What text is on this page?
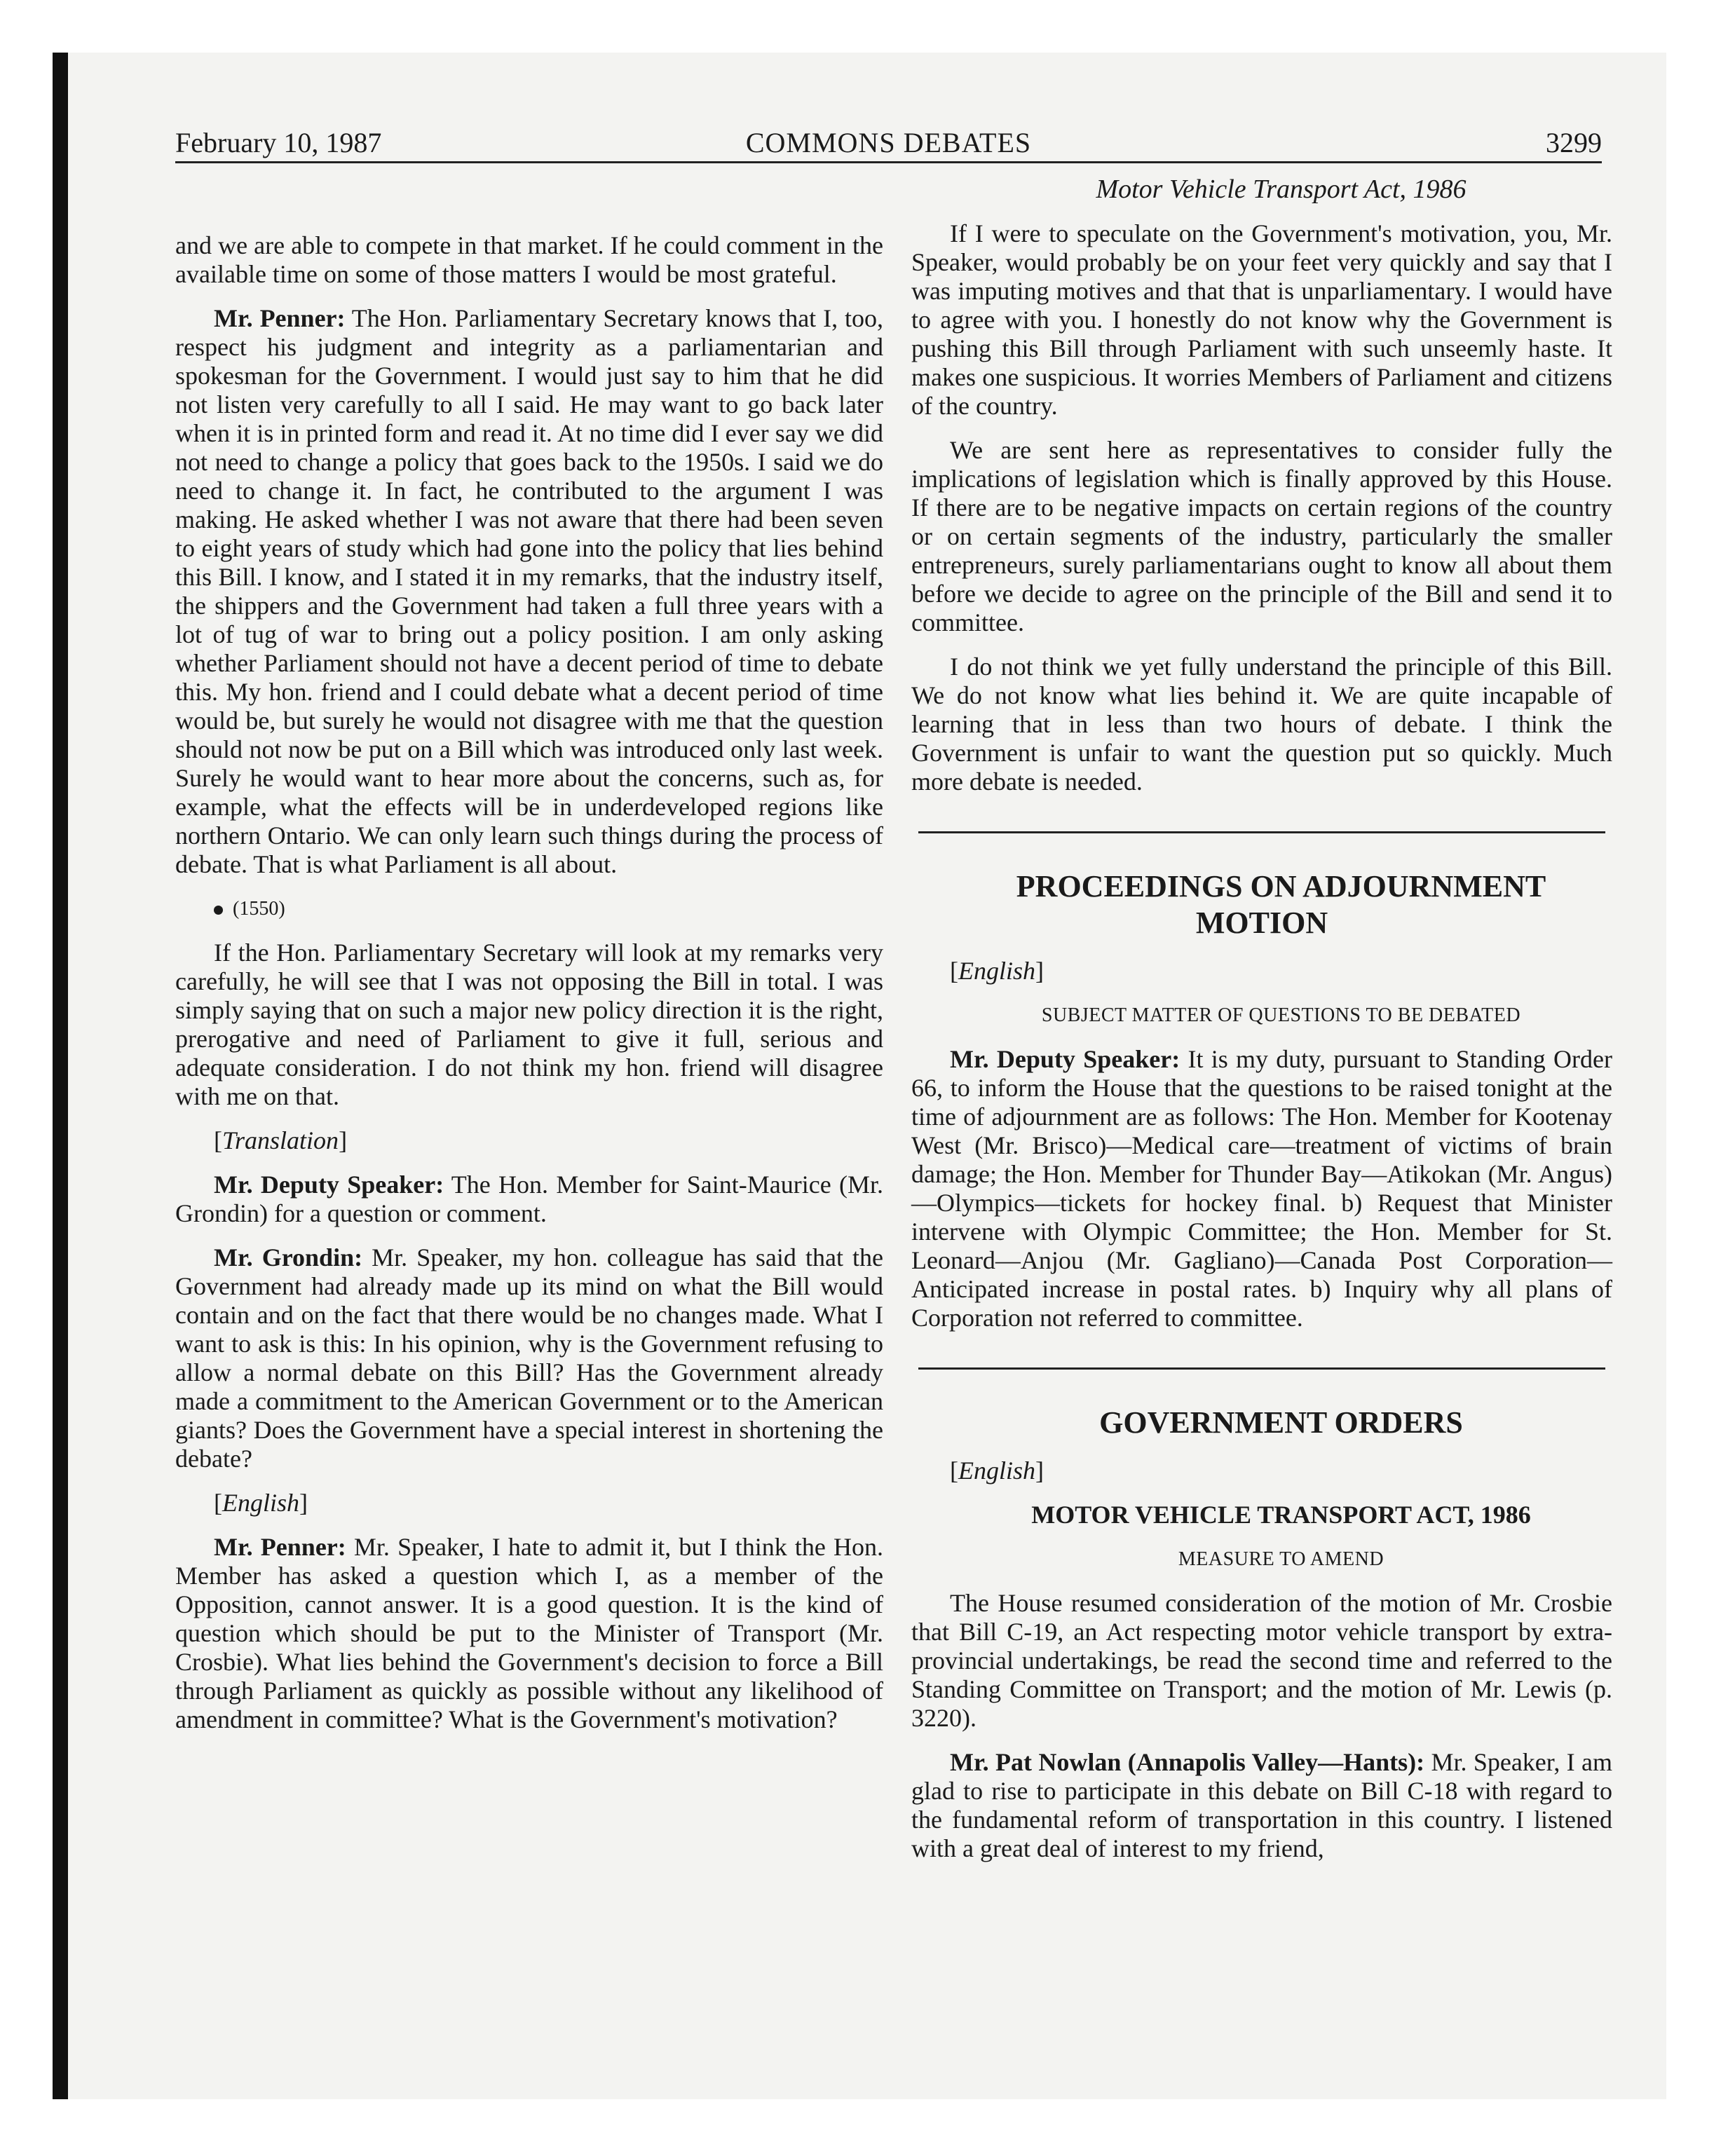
February 10, 1987	COMMONS DEBATES	3299

and we are able to compete in that market. If he could comment in the available time on some of those matters I would be most grateful.

Mr. Penner: The Hon. Parliamentary Secretary knows that I, too, respect his judgment and integrity as a parliamentarian and spokesman for the Government. I would just say to him that he did not listen very carefully to all I said. He may want to go back later when it is in printed form and read it. At no time did I ever say we did not need to change a policy that goes back to the 1950s. I said we do need to change it. In fact, he contributed to the argument I was making. He asked whether I was not aware that there had been seven to eight years of study which had gone into the policy that lies behind this Bill. I know, and I stated it in my remarks, that the industry itself, the shippers and the Government had taken a full three years with a lot of tug of war to bring out a policy position. I am only asking whether Parliament should not have a decent period of time to debate this. My hon. friend and I could debate what a decent period of time would be, but surely he would not disagree with me that the question should not now be put on a Bill which was introduced only last week. Surely he would want to hear more about the concerns, such as, for example, what the effects will be in underdeveloped regions like northern Ontario. We can only learn such things during the process of debate. That is what Parliament is all about.

(1550)

If the Hon. Parliamentary Secretary will look at my remarks very carefully, he will see that I was not opposing the Bill in total. I was simply saying that on such a major new policy direction it is the right, prerogative and need of Parliament to give it full, serious and adequate consideration. I do not think my hon. friend will disagree with me on that.

[Translation]

Mr. Deputy Speaker: The Hon. Member for Saint-Maurice (Mr. Grondin) for a question or comment.

Mr. Grondin: Mr. Speaker, my hon. colleague has said that the Government had already made up its mind on what the Bill would contain and on the fact that there would be no changes made. What I want to ask is this: In his opinion, why is the Government refusing to allow a normal debate on this Bill? Has the Government already made a commitment to the American Government or to the American giants? Does the Government have a special interest in shortening the debate?

[English]

Mr. Penner: Mr. Speaker, I hate to admit it, but I think the Hon. Member has asked a question which I, as a member of the Opposition, cannot answer. It is a good question. It is the kind of question which should be put to the Minister of Transport (Mr. Crosbie). What lies behind the Government's decision to force a Bill through Parliament as quickly as possible without any likelihood of amendment in committee? What is the Government's motivation?

Motor Vehicle Transport Act, 1986

If I were to speculate on the Government's motivation, you, Mr. Speaker, would probably be on your feet very quickly and say that I was imputing motives and that that is unparliamentary. I would have to agree with you. I honestly do not know why the Government is pushing this Bill through Parliament with such unseemly haste. It makes one suspicious. It worries Members of Parliament and citizens of the country.

We are sent here as representatives to consider fully the implications of legislation which is finally approved by this House. If there are to be negative impacts on certain regions of the country or on certain segments of the industry, particularly the smaller entrepreneurs, surely parliamentarians ought to know all about them before we decide to agree on the principle of the Bill and send it to committee.

I do not think we yet fully understand the principle of this Bill. We do not know what lies behind it. We are quite incapable of learning that in less than two hours of debate. I think the Government is unfair to want the question put so quickly. Much more debate is needed.

PROCEEDINGS ON ADJOURNMENT MOTION

[English]

SUBJECT MATTER OF QUESTIONS TO BE DEBATED

Mr. Deputy Speaker: It is my duty, pursuant to Standing Order 66, to inform the House that the questions to be raised tonight at the time of adjournment are as follows: The Hon. Member for Kootenay West (Mr. Brisco)—Medical care—treatment of victims of brain damage; the Hon. Member for Thunder Bay—Atikokan (Mr. Angus)—Olympics—tickets for hockey final. b) Request that Minister intervene with Olympic Committee; the Hon. Member for St. Leonard—Anjou (Mr. Gagliano)—Canada Post Corporation—Anticipated increase in postal rates. b) Inquiry why all plans of Corporation not referred to committee.

GOVERNMENT ORDERS

[English]

MOTOR VEHICLE TRANSPORT ACT, 1986

MEASURE TO AMEND

The House resumed consideration of the motion of Mr. Crosbie that Bill C-19, an Act respecting motor vehicle transport by extra-provincial undertakings, be read the second time and referred to the Standing Committee on Transport; and the motion of Mr. Lewis (p. 3220).

Mr. Pat Nowlan (Annapolis Valley—Hants): Mr. Speaker, I am glad to rise to participate in this debate on Bill C-18 with regard to the fundamental reform of transportation in this country. I listened with a great deal of interest to my friend,
